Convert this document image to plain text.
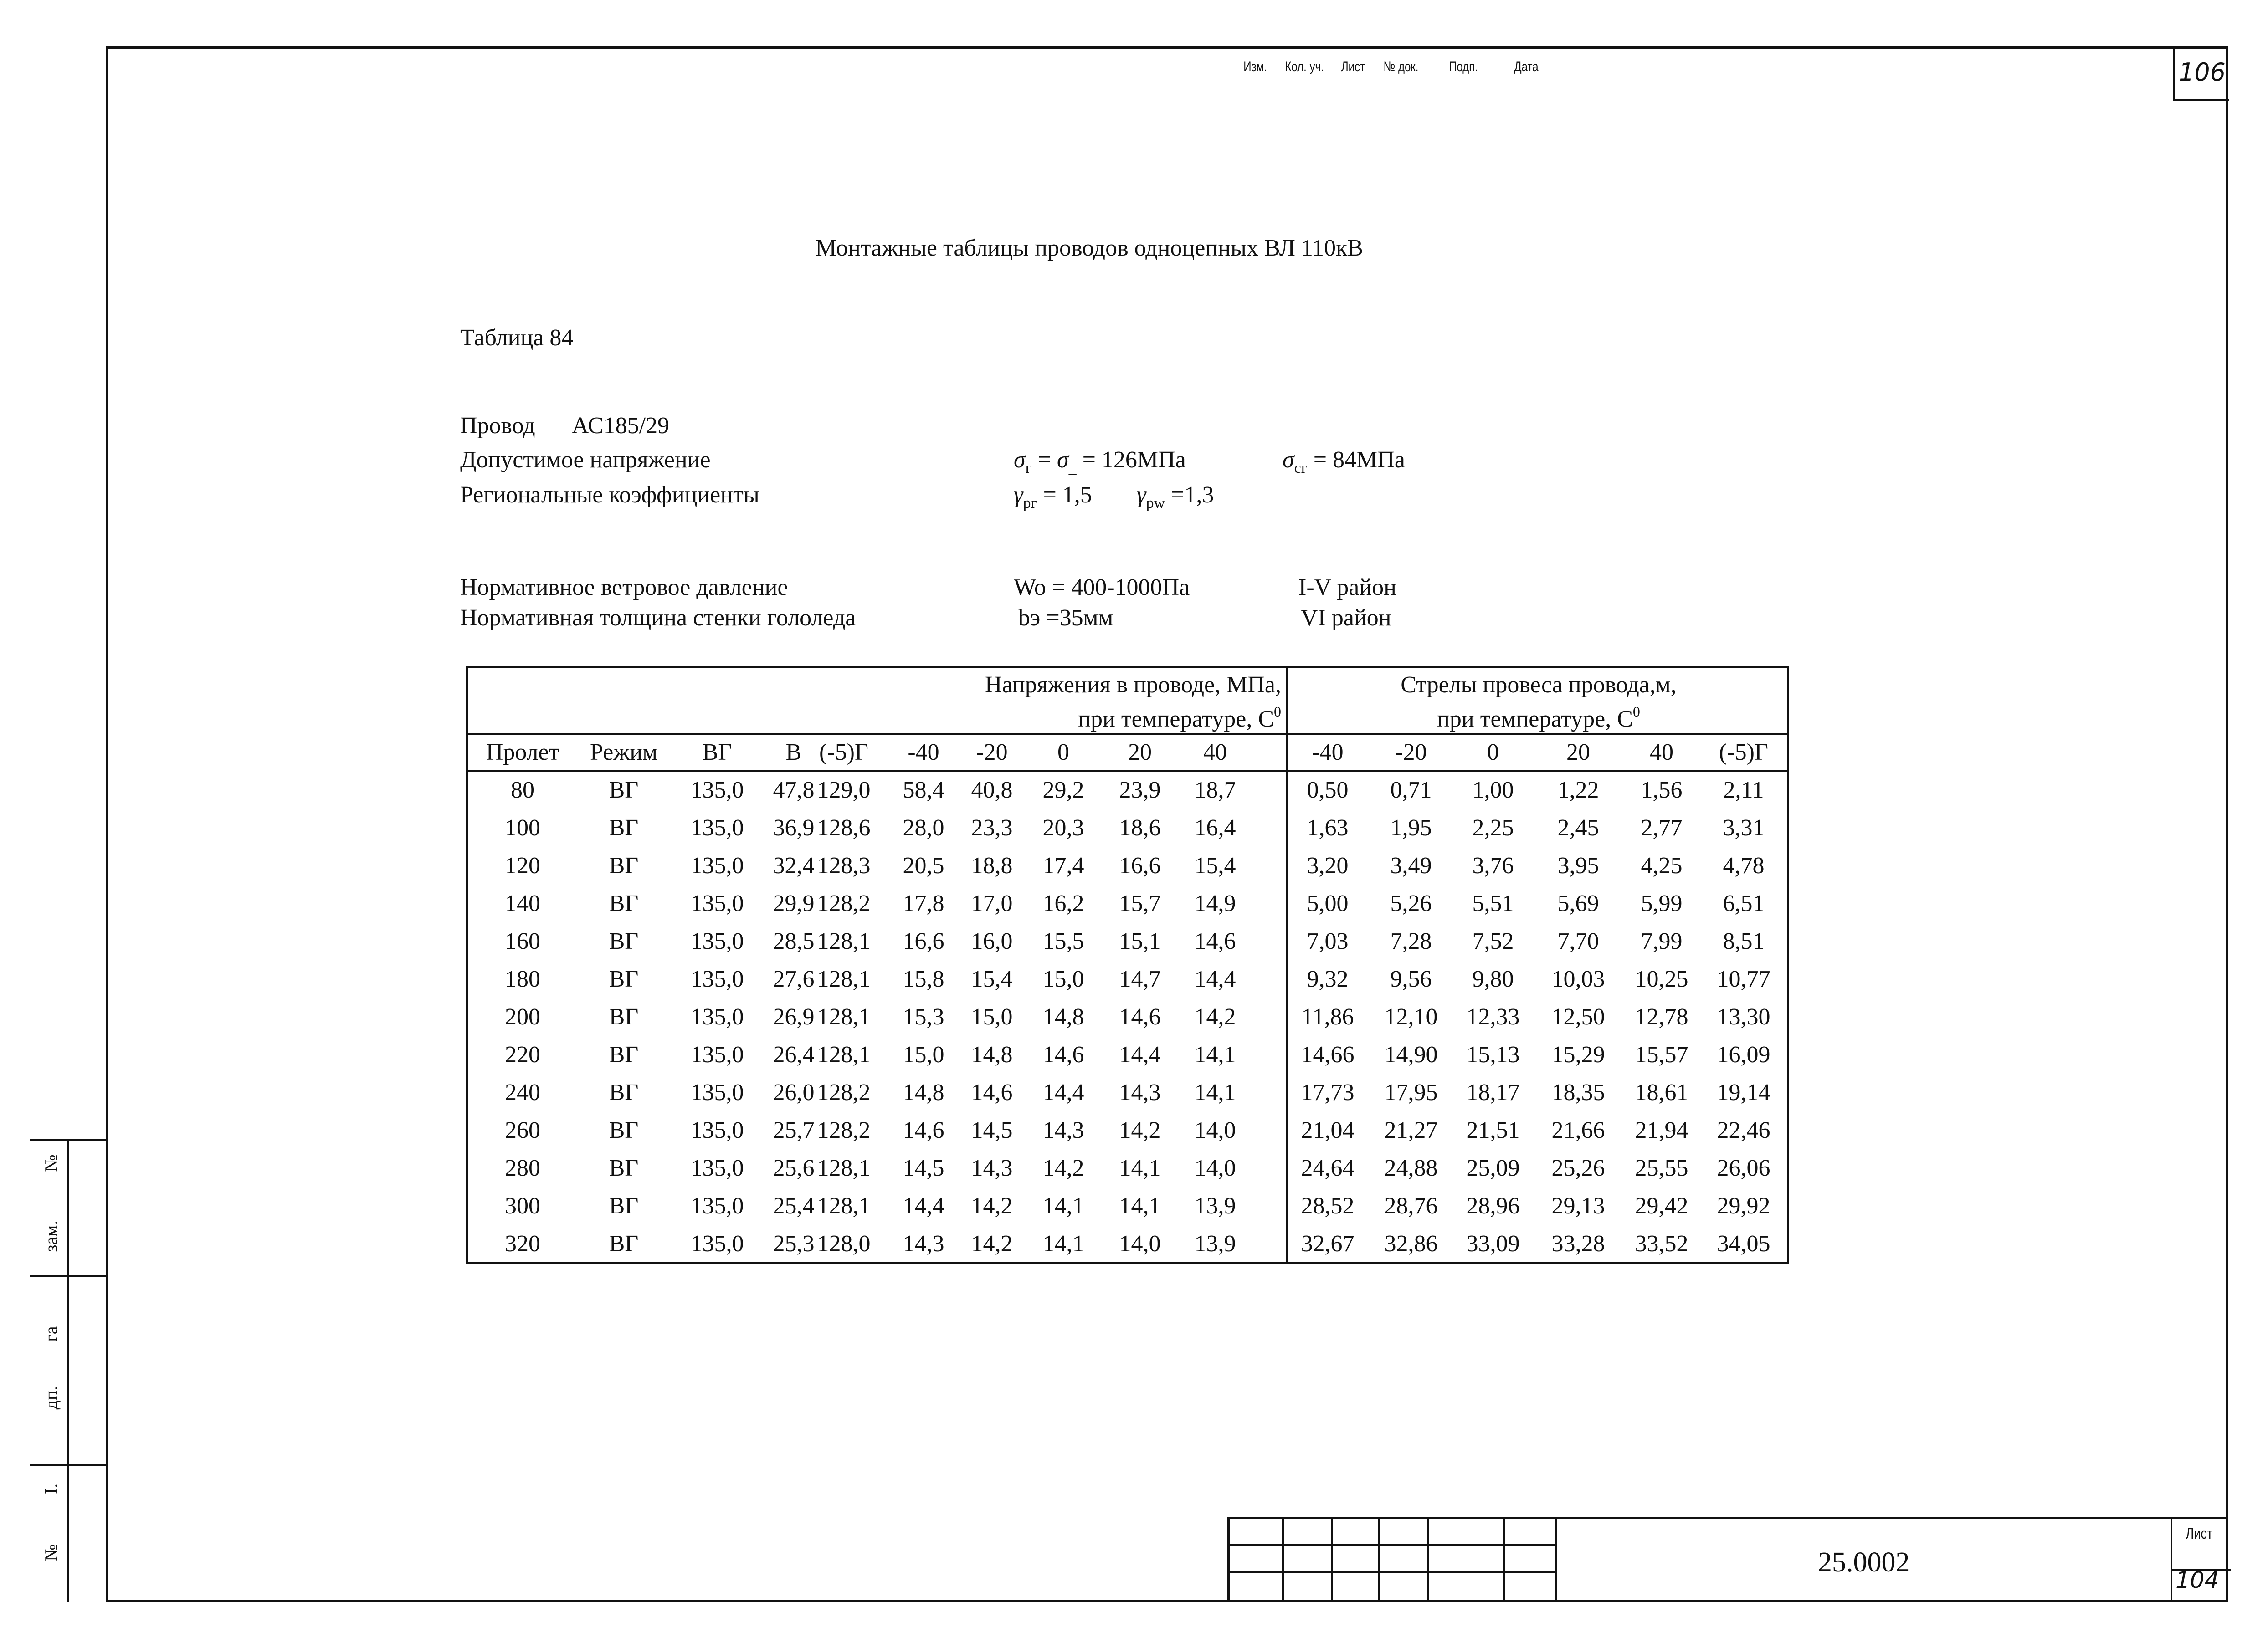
106
Монтажные таблицы проводов одноцепных ВЛ 110кВ
Таблица 84
Провод АС185/29
Допустимое напряжение	$\sigma_г = \sigma_{\_} = 126МПа$	$\sigma_{сг} = 84МПа$
Региональные коэффициенты	$\gamma_{рг} = 1,5$ $\gamma_{рw} =1,3$
Нормативное ветровое давление	Wo = 400-1000Па	I-V район
Нормативная толщина стенки гололеда	bэ =35мм	VI район
Напряжения в проводе, МПа,
при температуре, $С^0$
Стрелы провеса провода,м,
при температуре, $С^0$
Пролет	Режим	ВГ	В (-5)Г	-40	-20	0	20	40	-40	-20	0	20	40	(-5)Г
80	ВГ	135,0 47,8 129,0 58,4 40,8 29,2 23,9 18,7	0,50	0,71	1,00	1,22	1,56	2,11
100	ВГ	135,0 36,9 128,6 28,0 23,3 20,3 18,6 16,4	1,63	1,95	2,25	2,45	2,77	3,31
120	ВГ	135,0 32,4 128,3 20,5 18,8 17,4 16,6 15,4	3,20	3,49	3,76	3,95	4,25	4,78
140	ВГ	135,0 29,9 128,2 17,8 17,0 16,2 15,7 14,9	5,00	5,26	5,51	5,69	5,99	6,51
160	ВГ	135,0 28,5 128,1 16,6 16,0 15,5 15,1 14,6	7,03	7,28	7,52	7,70	7,99	8,51
180	ВГ	135,0 27,6 128,1 15,8 15,4 15,0 14,7 14,4	9,32	9,56	9,80	10,03 10,25 10,77
200	ВГ	135,0 26,9 128,1 15,3 15,0 14,8 14,6 14,2	11,86 12,10 12,33 12,50 12,78 13,30
220	ВГ	135,0 26,4 128,1 15,0 14,8 14,6 14,4 14,1	14,66 14,90 15,13 15,29 15,57 16,09
240	ВГ	135,0 26,0 128,2 14,8 14,6 14,4 14,3 14,1	17,73 17,95 18,17 18,35 18,61 19,14
260	ВГ	135,0 25,7 128,2 14,6 14,5 14,3 14,2 14,0	21,04 21,27 21,51 21,66 21,94 22,46
280	ВГ	135,0 25,6 128,1 14,5 14,3 14,2 14,1 14,0	24,64 24,88 25,09 25,26 25,55 26,06
300	ВГ	135,0 25,4 128,1 14,4 14,2 14,1 14,1 13,9	28,52 28,76 28,96 29,13 29,42 29,92
320	ВГ	135,0 25,3 128,0 14,3 14,2 14,1 14,0 13,9	32,67 32,86 33,09 33,28 33,52 34,05
№
зам.
га
дп.
І.
№
Изм.	Кол. уч.	Лист	№ док.	Подп.	Дата
25.0002
Лист
104
